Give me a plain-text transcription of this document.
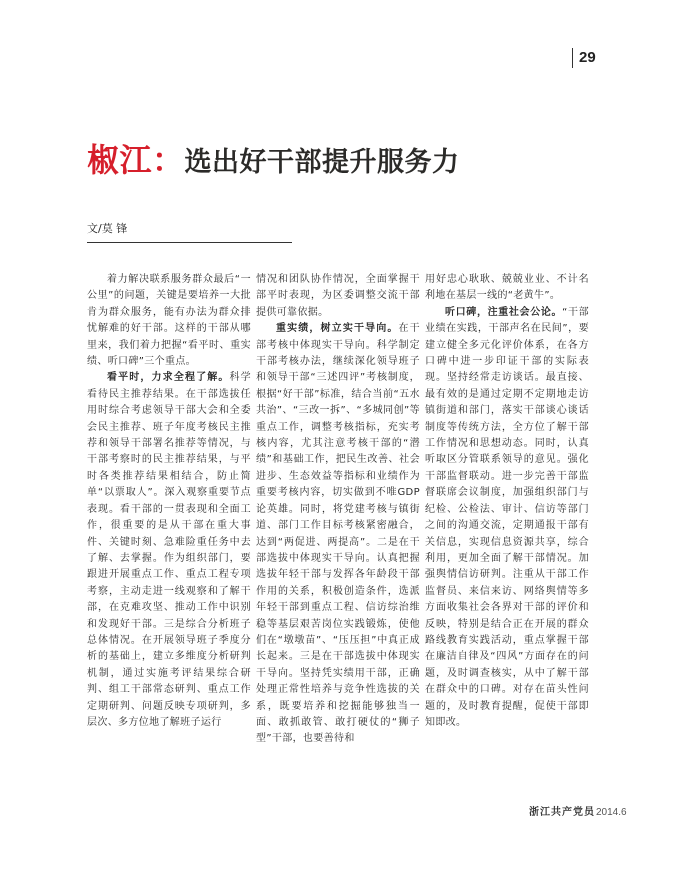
29
椒江：选出好干部提升服务力

文/莫 锋

着力解决联系服务群众最后“一公里”的问题，关键是要培养一大批肯为群众服务，能有办法为群众排忧解难的好干部。这样的干部从哪里来，我们着力把握“看平时、重实绩、听口碑”三个重点。

看平时，力求全程了解。科学看待民主推荐结果。在干部选拔任用时综合考虑领导干部大会和全委会民主推荐、班子年度考核民主推荐和领导干部署名推荐等情况，与干部考察时的民主推荐结果，与平时各类推荐结果相结合，防止简单“以票取人”。深入观察重要节点表现。看干部的一贯表现和全面工作，很重要的是从干部在重大事件、关键时刻、急难险重任务中去了解、去掌握。作为组织部门，要跟进开展重点工作、重点工程专项考察，主动走进一线观察和了解干部，在克难攻坚、推动工作中识别和发现好干部。三是综合分析班子总体情况。在开展领导班子季度分析的基础上，建立多维度分析研判机制，通过实施考评结果综合研判、组工干部常态研判、重点工作定期研判、问题反映专项研判，多层次、多方位地了解班子运行

情况和团队协作情况，全面掌握干部平时表现，为区委调整交流干部提供可靠依据。

重实绩，树立实干导向。在干部考核中体现实干导向。科学制定干部考核办法，继续深化领导班子和领导干部“三述四评”考核制度，根据“好干部”标准，结合当前“五水共治”、“三改一拆”、“多城同创”等重点工作，调整考核指标，充实考核内容，尤其注意考核干部的“潜绩”和基础工作，把民生改善、社会进步、生态效益等指标和业绩作为重要考核内容，切实做到不唯GDP论英雄。同时，将党建考核与镇街道、部门工作目标考核紧密融合，达到“两促进、两提高”。二是在干部选拔中体现实干导向。认真把握选拔年轻干部与发挥各年龄段干部作用的关系，积极创造条件，选派年轻干部到重点工程、信访综治维稳等基层艰苦岗位实践锻炼，使他们在“墩墩苗”、“压压担”中真正成长起来。三是在干部选拔中体现实干导向。坚持凭实绩用干部，正确处理正常性培养与竞争性选拔的关系，既要培养和挖掘能够独当一面、敢抓敢管、敢打硬仗的“狮子型”干部，也要善待和

用好忠心耿耿、兢兢业业、不计名利地在基层一线的“老黄牛”。

听口碑，注重社会公论。“干部业绩在实践，干部声名在民间”，要建立健全多元化评价体系，在各方口碑中进一步印证干部的实际表现。坚持经常走访谈话。最直接、最有效的是通过定期不定期地走访镇街道和部门，落实干部谈心谈话制度等传统方法，全方位了解干部工作情况和思想动态。同时，认真听取区分管联系领导的意见。强化干部监督联动。进一步完善干部监督联席会议制度，加强组织部门与纪检、公检法、审计、信访等部门之间的沟通交流，定期通报干部有关信息，实现信息资源共享，综合利用，更加全面了解干部情况。加强舆情信访研判。注重从干部工作监督员、来信来访、网络舆情等多方面收集社会各界对干部的评价和反映，特别是结合正在开展的群众路线教育实践活动，重点掌握干部在廉洁自律及“四风”方面存在的问题，及时调查核实，从中了解干部在群众中的口碑。对存在苗头性问题的，及时教育提醒，促使干部即知即改。

浙江共产党员2014.6
